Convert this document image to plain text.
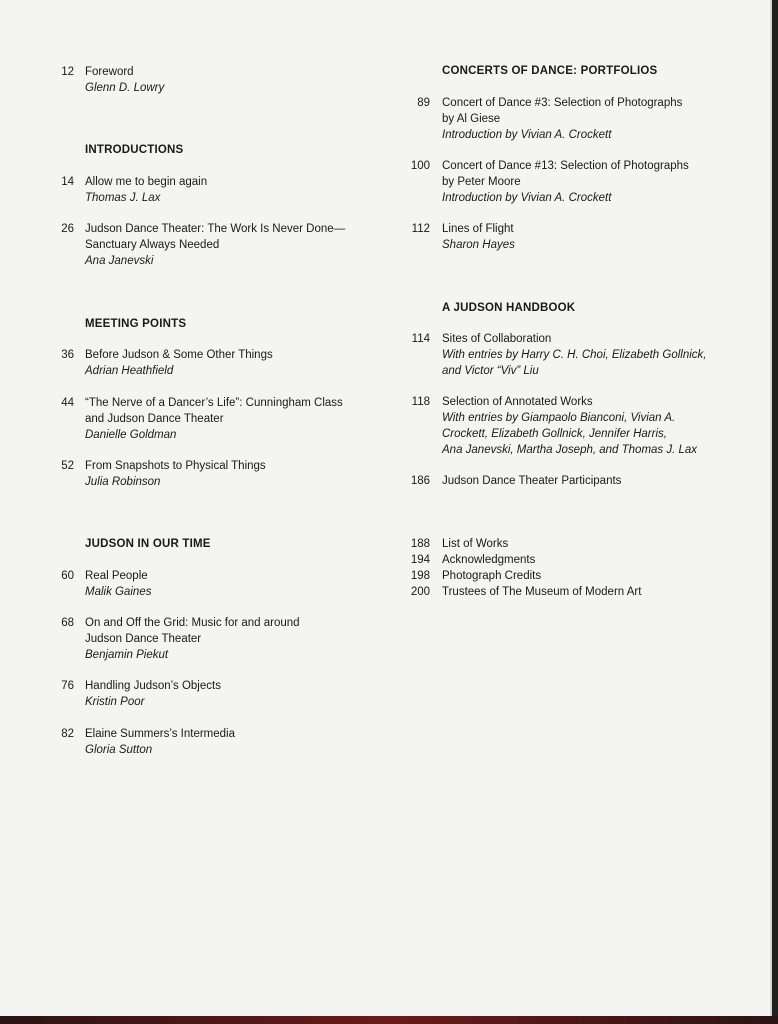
12 Foreword
Glenn D. Lowry
INTRODUCTIONS
14 Allow me to begin again
Thomas J. Lax
26 Judson Dance Theater: The Work Is Never Done—
Sanctuary Always Needed
Ana Janevski
MEETING POINTS
36 Before Judson & Some Other Things
Adrian Heathfield
44 “The Nerve of a Dancer’s Life”: Cunningham Class
and Judson Dance Theater
Danielle Goldman
52 From Snapshots to Physical Things
Julia Robinson
JUDSON IN OUR TIME
60 Real People
Malik Gaines
68 On and Off the Grid: Music for and around
Judson Dance Theater
Benjamin Piekut
76 Handling Judson’s Objects
Kristin Poor
82 Elaine Summers’s Intermedia
Gloria Sutton
CONCERTS OF DANCE: PORTFOLIOS
89 Concert of Dance #3: Selection of Photographs
by Al Giese
Introduction by Vivian A. Crockett
100 Concert of Dance #13: Selection of Photographs
by Peter Moore
Introduction by Vivian A. Crockett
112 Lines of Flight
Sharon Hayes
A JUDSON HANDBOOK
114 Sites of Collaboration
With entries by Harry C. H. Choi, Elizabeth Gollnick,
and Victor “Viv” Liu
118 Selection of Annotated Works
With entries by Giampaolo Bianconi, Vivian A.
Crockett, Elizabeth Gollnick, Jennifer Harris,
Ana Janevski, Martha Joseph, and Thomas J. Lax
186 Judson Dance Theater Participants
188 List of Works
194 Acknowledgments
198 Photograph Credits
200 Trustees of The Museum of Modern Art
